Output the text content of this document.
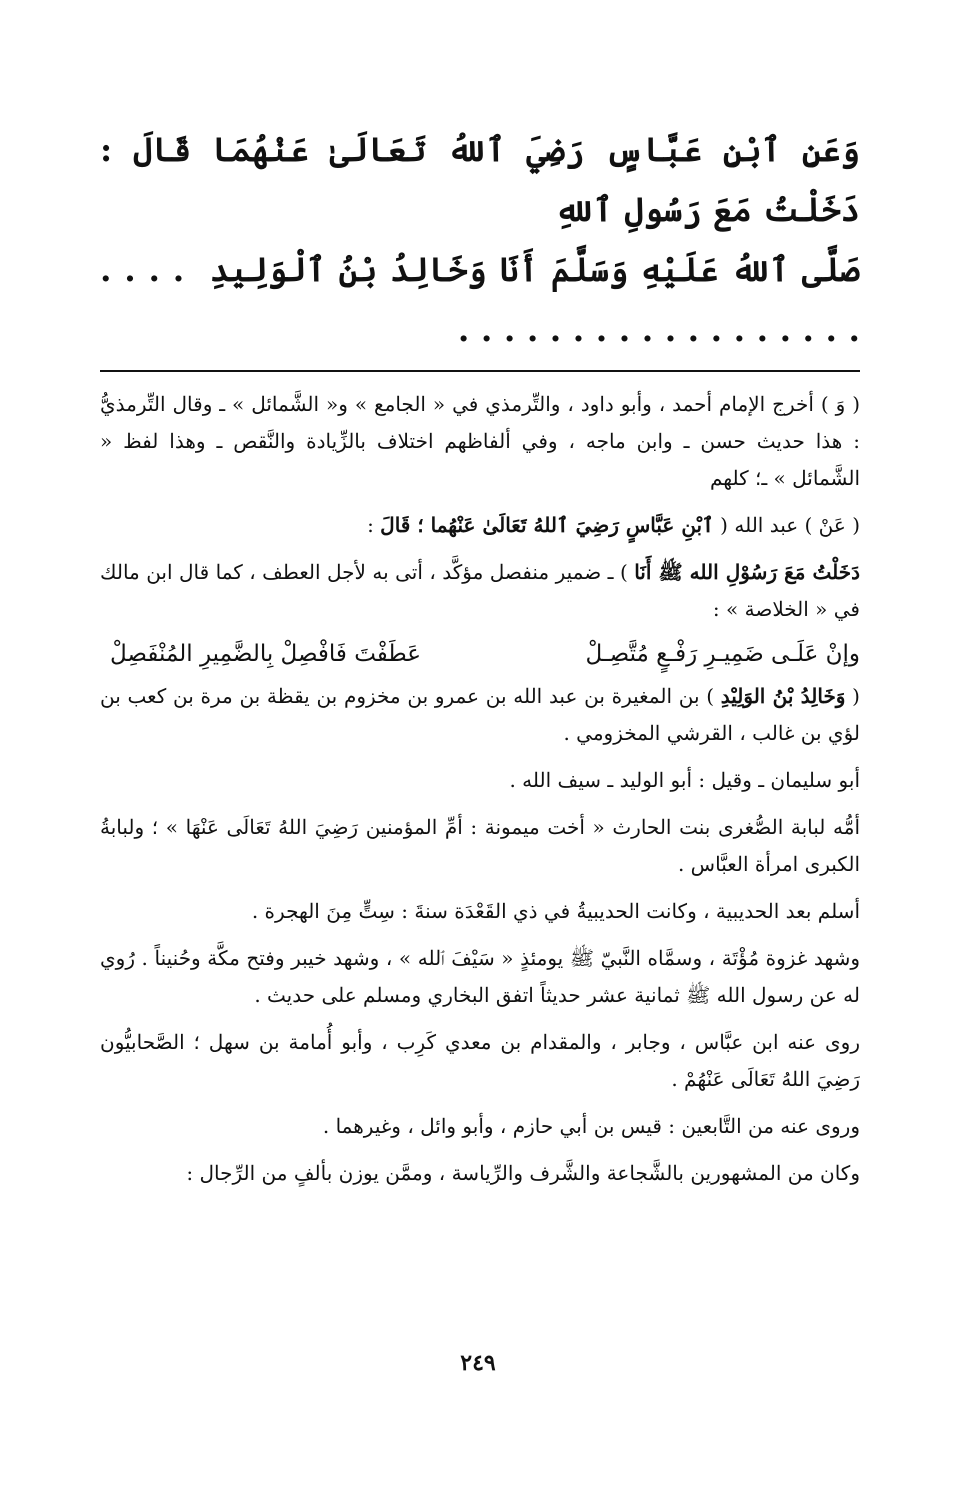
وَعَنِ ٱبْنِ عَبَّاسٍ رَضِيَ ٱللهُ تَعَالَىٰ عَنْهُمَا قَالَ : دَخَلْتُ مَعَ رَسُولِ ٱللهِ
صَلَّى ٱللهُ عَلَيْهِ وَسَلَّمَ أَنَا وَخَالِدُ بْنُ ٱلْوَلِيدِ  . . . . . . . . . . . . . . . . . . . . . .

( وَ ) أخرج الإمام أحمد ، وأبو داود ، والتِّرمذي في « الجامع » و« الشَّمائل » ـ وقال التِّرمذيُّ : هذا حديث حسن ـ وابن ماجه ، وفي ألفاظهم اختلاف بالزِّيادة والنَّقص ـ وهذا لفظ « الشَّمائل » ـ؛ كلهم

( عَنْ ) عبد الله ( ٱبْنِ عَبَّاسٍ رَضِيَ ٱللهُ تَعَالَىٰ عَنْهُما ؛ قَالَ :

دَخَلْتُ مَعَ رَسُوْلِ الله ﷺ أَنَا ) ـ ضمير منفصل مؤكَّد ، أتى به لأجل العطف ، كما قال ابن مالك في « الخلاصة » :

وإنْ عَلَـى ضَمِيـرِ رَفْـعٍ مُتَّصِـلْ
عَطَفْتَ فَافْصِلْ بِالضَّمِيرِ المُنْفَصِلْ

( وَخَالِدُ بْنُ الوَلِيْدِ ) بن المغيرة بن عبد الله بن عمرو بن مخزوم بن يقظة بن مرة بن كعب بن لؤي بن غالب ، القرشي المخزومي .

أبو سليمان ـ وقيل : أبو الوليد ـ سيف الله .

أمُّه لبابة الصُّغرى بنت الحارث « أخت ميمونة : أمِّ المؤمنين رَضِيَ اللهُ تَعَالَى عَنْهَا » ؛ ولبابةُ الكبرى امرأة العبَّاس .

أسلم بعد الحديبية ، وكانت الحديبيةُ في ذي القَعْدَة سنةَ : سِتٍّ مِنَ الهجرة .

وشهد غزوة مُؤْتَة ، وسمَّاه النَّبيّ ﷺ يومئذٍ « سَيْفَ ٱلله » ، وشهد خيبر وفتح مكَّة وحُنيناً . رُوي له عن رسول الله ﷺ ثمانية عشر حديثاً اتفق البخاري ومسلم على حديث .

روى عنه ابن عبَّاس ، وجابر ، والمقدام بن معدي كَرِب ، وأبو أُمامة بن سهل ؛ الصَّحابيُّون رَضِيَ اللهُ تَعَالَى عَنْهُمْ .

وروى عنه من التَّابعين : قيس بن أبي حازم ، وأبو وائل ، وغيرهما .

وكان من المشهورين بالشَّجاعة والشَّرف والرِّياسة ، وممَّن يوزن بألفٍ من الرِّجال :

٢٤٩
